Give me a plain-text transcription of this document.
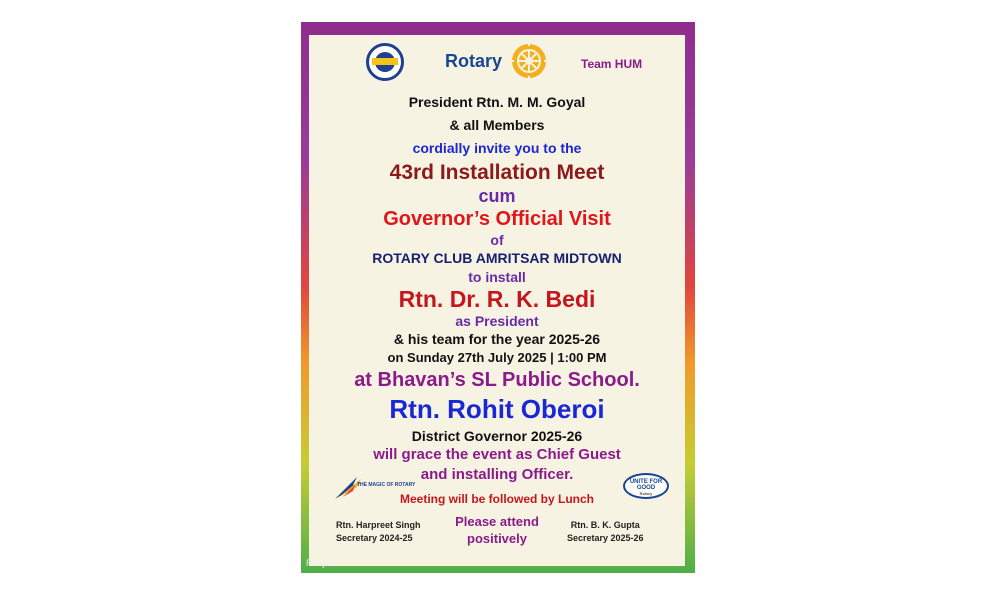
Rotary	Team HUM
President Rtn. M. M. Goyal
& all Members
cordially invite you to the
43rd Installation Meet
cum
Governor’s Official Visit
of
ROTARY CLUB AMRITSAR MIDTOWN
to install
Rtn. Dr. R. K. Bedi
as President
& his team for the year 2025-26
on Sunday 27th July 2025 | 1:00 PM
at Bhavan’s SL Public School.
Rtn. Rohit Oberoi
District Governor 2025-26
will grace the event as Chief Guest
and installing Officer.
Meeting will be followed by Lunch
THE MAGIC OF ROTARY	UNITE FOR GOOD
Rotary
Rtn. Harpreet Singh
Secretary 2024-25
Please attend
positively
Rtn. B. K. Gupta
Secretary 2025-26
Raaj
